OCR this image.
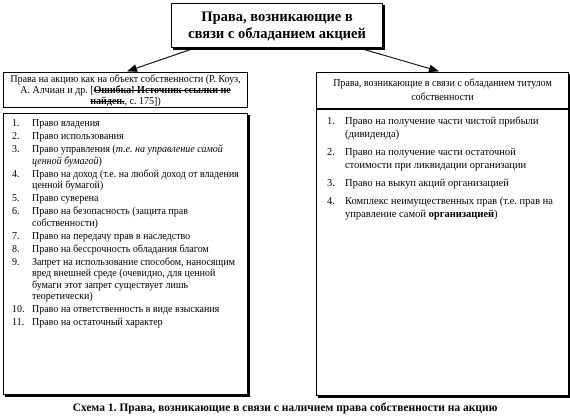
Права, возникающие в
связи с обладанием акцией
Права на акцию как на объект собственности (Р. Коуз, А. Алчиан и др. [Ошибка! Источник ссылки не найден., с. 175])
Права, возникающие в связи с обладанием титулом собственности
1. Право владения
2. Право использования
3. Право управления (т.е. на управление самой ценной бумагой)
4. Право на доход (т.е. на любой доход от владения ценной бумагой)
5. Право суверена
6. Право на безопасность (защита прав собственности)
7. Право на передачу прав в наследство
8. Право на бессрочность обладания благом
9. Запрет на использование способом, наносящим вред внешней среде (очевидно, для ценной бумаги этот запрет существует лишь теоретически)
10. Право на ответственность в виде взыскания
11. Право на остаточный характер
1. Право на получение части чистой прибыли (дивиденда)
2. Право на получение части остаточной стоимости при ликвидации организации
3. Право на выкуп акций организацией
4. Комплекс неимущественных прав (т.е. прав на управление самой организацией)
Схема 1. Права, возникающие в связи с наличием права собственности на акцию
